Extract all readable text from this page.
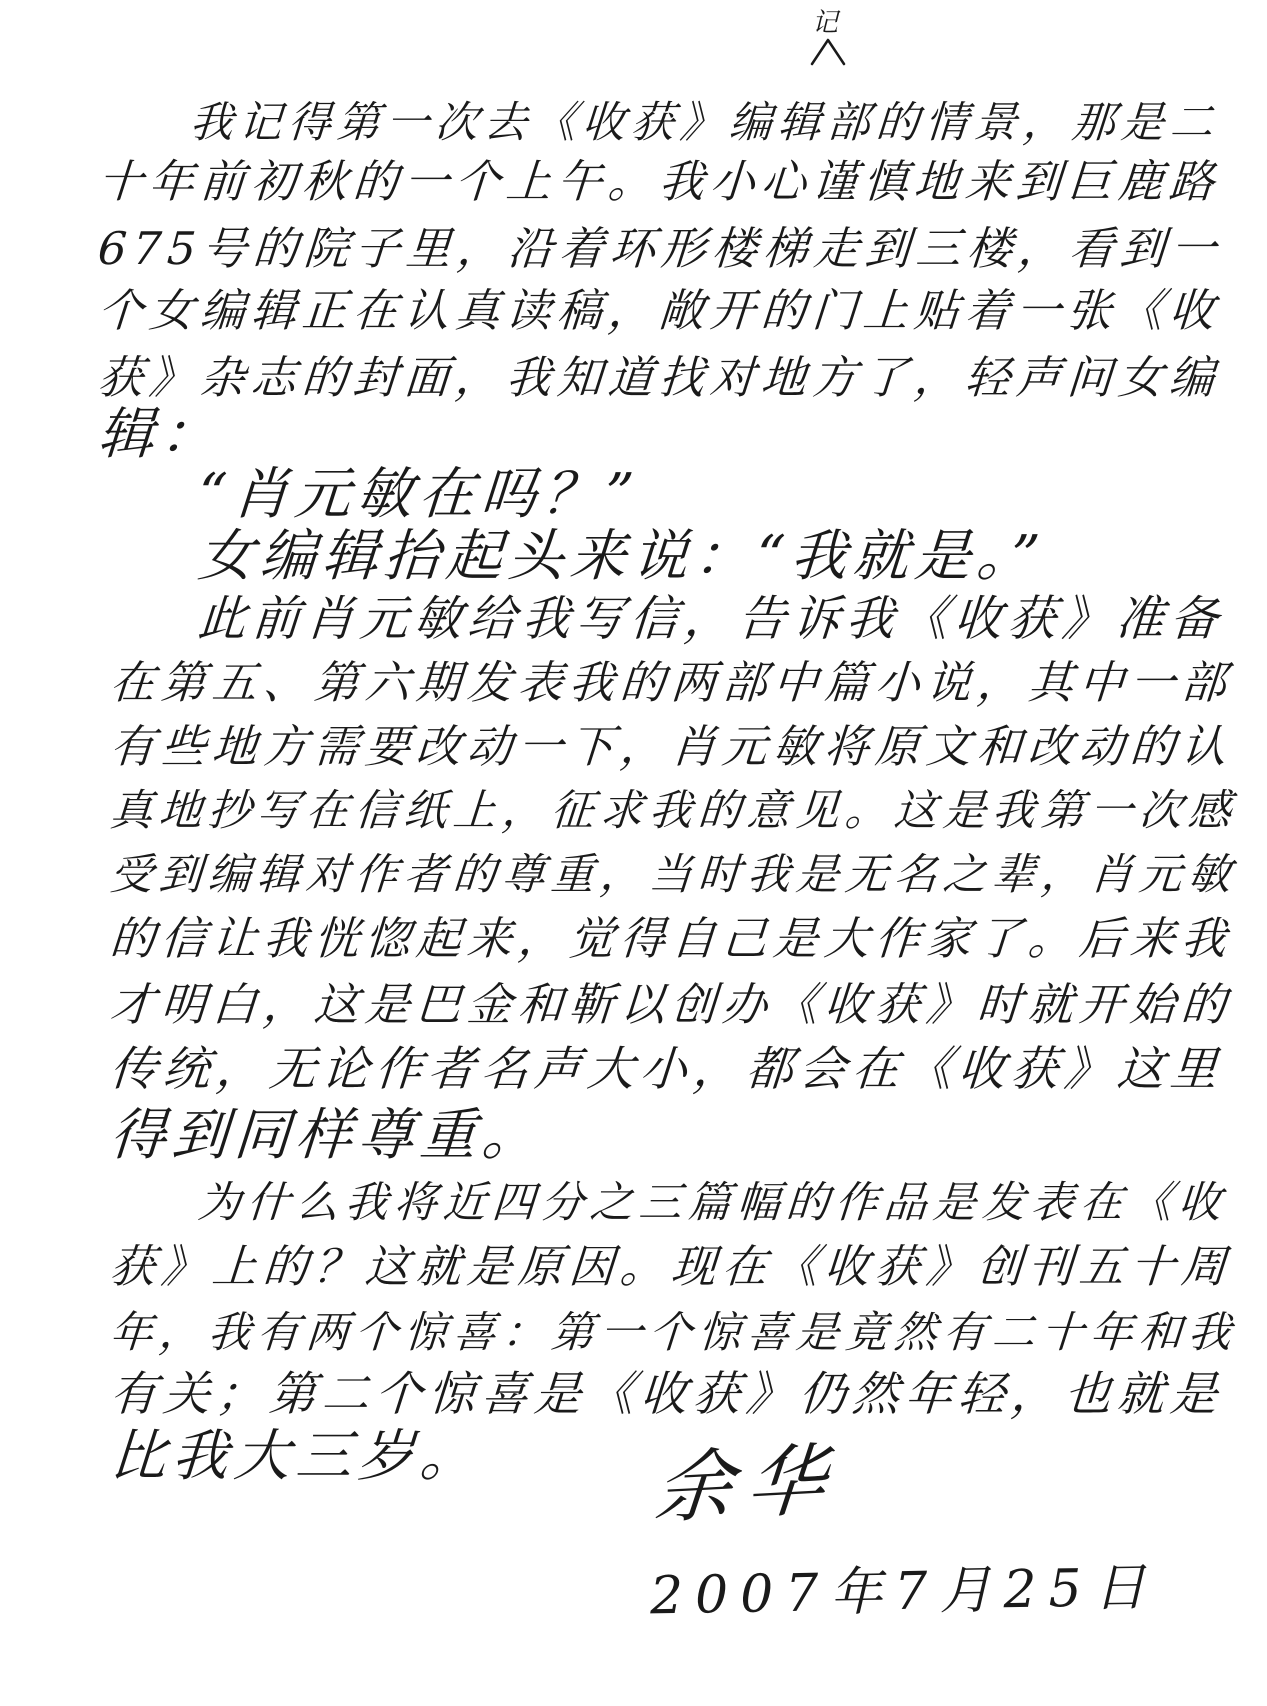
记
我记得第一次去《收获》编辑部的情景，那是二
十年前初秋的一个上午。我小心谨慎地来到巨鹿路
675号的院子里，沿着环形楼梯走到三楼，看到一
个女编辑正在认真读稿，敞开的门上贴着一张《收
获》杂志的封面，我知道找对地方了，轻声问女编
辑：
“肖元敏在吗？”
女编辑抬起头来说：“我就是。”
此前肖元敏给我写信，告诉我《收获》准备
在第五、第六期发表我的两部中篇小说，其中一部
有些地方需要改动一下，肖元敏将原文和改动的认
真地抄写在信纸上，征求我的意见。这是我第一次感
受到编辑对作者的尊重，当时我是无名之辈，肖元敏
的信让我恍惚起来，觉得自己是大作家了。后来我
才明白，这是巴金和靳以创办《收获》时就开始的
传统，无论作者名声大小，都会在《收获》这里
得到同样尊重。
为什么我将近四分之三篇幅的作品是发表在《收
获》上的？这就是原因。现在《收获》创刊五十周
年，我有两个惊喜：第一个惊喜是竟然有二十年和我
有关；第二个惊喜是《收获》仍然年轻，也就是
比我大三岁。 余华
2007年7月25日
